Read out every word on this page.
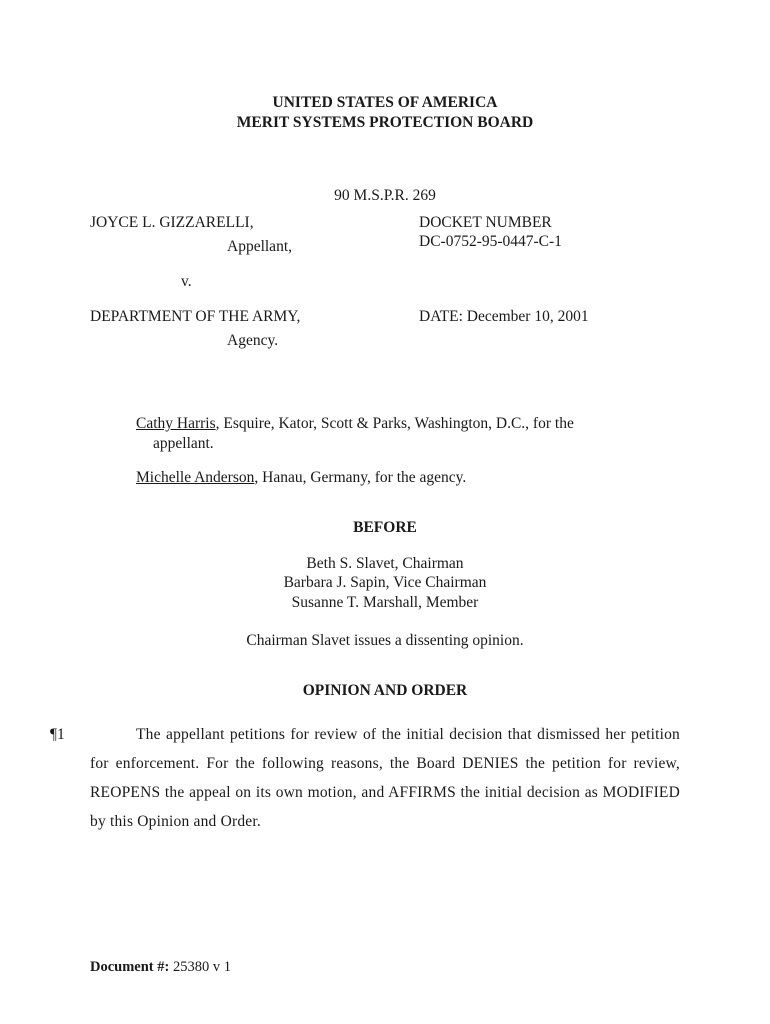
UNITED STATES OF AMERICA
MERIT SYSTEMS PROTECTION BOARD
90 M.S.P.R. 269
JOYCE L. GIZZARELLI,
Appellant,
DOCKET NUMBER
DC-0752-95-0447-C-1
v.
DEPARTMENT OF THE ARMY,
Agency.
DATE: December 10, 2001
Cathy Harris, Esquire, Kator, Scott & Parks, Washington, D.C., for the
appellant.
Michelle Anderson, Hanau, Germany, for the agency.
BEFORE
Beth S. Slavet, Chairman
Barbara J. Sapin, Vice Chairman
Susanne T. Marshall, Member
Chairman Slavet issues a dissenting opinion.
OPINION AND ORDER
¶1	The appellant petitions for review of the initial decision that dismissed her petition for enforcement. For the following reasons, the Board DENIES the petition for review, REOPENS the appeal on its own motion, and AFFIRMS the initial decision as MODIFIED by this Opinion and Order.
Document #: 25380 v 1
